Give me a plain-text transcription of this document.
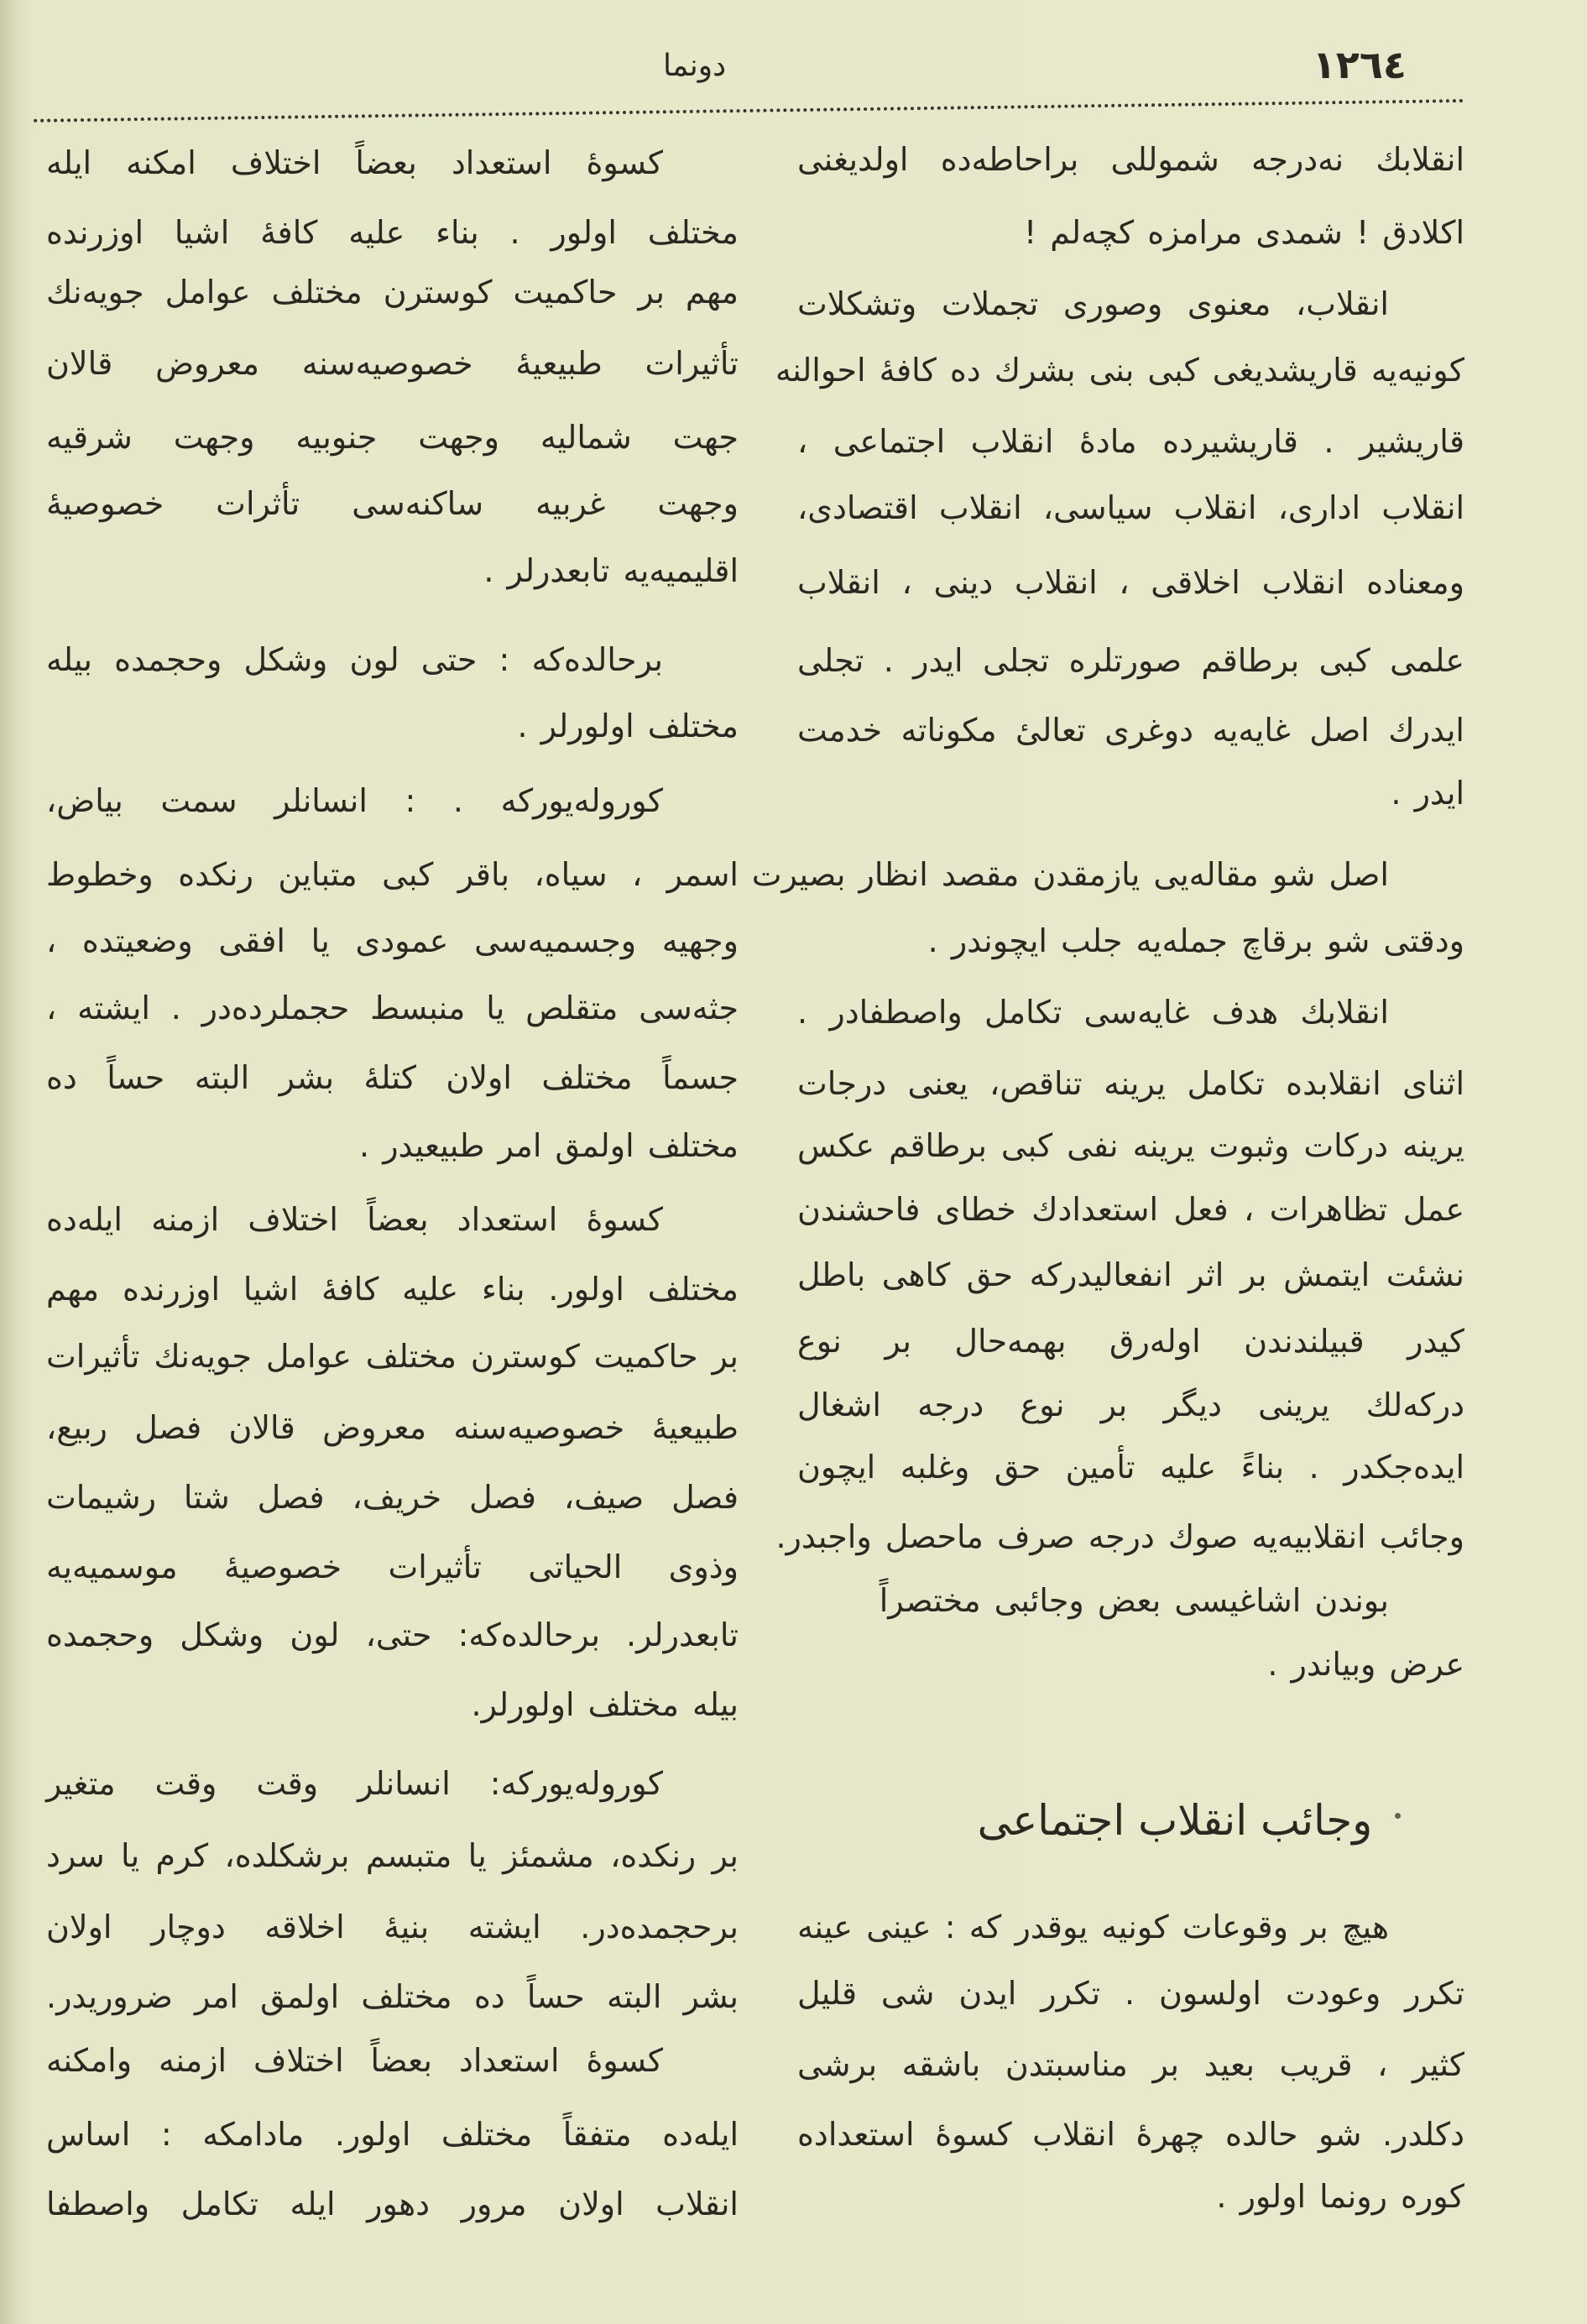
١٢٦٤
دونما
انقلابك نه‌درجه شموللی براحاطه‌ده اولدیغنی
اكلادق ! شمدی مرامزه كچه‌لم !
انقلاب، معنوی وصوری تجملات وتشكلات
كونیه‌یه قاریشدیغی كبی بنی بشرك ده كافهٔ احوالنه
قاریشیر . قاریشیرده مادهٔ انقلاب اجتماعی ،
انقلاب اداری، انقلاب سیاسی، انقلاب اقتصادی،
ومعناده انقلاب اخلاقی ، انقلاب دینی ، انقلاب
علمی كبی برطاقم صورتلره تجلی ایدر . تجلی
ایدرك اصل غایه‌یه دوغری تعالیٔ مكوناته خدمت
ایدر .
اصل شو مقاله‌یی یازمقدن مقصد انظار بصیرت
ودقتی شو برقاچ جمله‌یه جلب ایچوندر .
انقلابك هدف غایه‌سی تكامل واصطفادر .
اثنای انقلابده تكامل یرینه تناقص، یعنی درجات
یرینه دركات وثبوت یرینه نفی كبی برطاقم عكس
عمل تظاهرات ، فعل استعدادك خطای فاحشندن
نشئت ایتمش بر اثر انفعالیدركه حق كاهی باطل
كیدر قبیلندندن اوله‌رق بهمه‌حال بر نوع
دركه‌لك یرینی دیگر بر نوع درجه اشغال
ایده‌جكدر . بناءً علیه تأمین حق وغلبه ایچون
وجائب انقلابیه‌یه صوك درجه صرف ماحصل واجبدر.
بوندن اشاغیسی بعض وجائبی مختصراً
عرض وبیاندر .
هیچ بر وقوعات كونیه یوقدر كه : عینی عینه
تكرر وعودت اولسون . تكرر ایدن شی قلیل
كثیر ، قریب بعید بر مناسبتدن باشقه برشی
دكلدر. شو حالده چهرهٔ انقلاب كسوهٔ استعداده
كوره رونما اولور .
وجائب انقلاب اجتماعی
كسوهٔ استعداد بعضاً اختلاف امكنه ایله
مختلف اولور . بناء علیه كافهٔ اشیا اوزرنده
مهم بر حاكمیت كوسترن مختلف عوامل جویه‌نك
تأثیرات طبیعیهٔ خصوصیه‌سنه معروض قالان
جهت شمالیه وجهت جنوبیه وجهت شرقیه
وجهت غربیه ساكنه‌سی تأثرات خصوصیهٔ
اقلیمیه‌یه تابعدرلر .
برحالده‌كه : حتی لون وشكل وحجمده بیله
مختلف اولورلر .
كوروله‌یوركه . : انسانلر سمت بیاض،
اسمر ، سیاه، باقر كبی متباین رنكده وخطوط
وجهیه وجسمیه‌سی عمودی یا افقی وضعیتده ،
جثه‌سی متقلص یا منبسط حجملرده‌در . ایشته ،
جسماً مختلف اولان كتلهٔ بشر البته حساً ده
مختلف اولمق امر طبیعیدر .
كسوهٔ استعداد بعضاً اختلاف ازمنه ایله‌ده
مختلف اولور. بناء علیه كافهٔ اشیا اوزرنده مهم
بر حاكمیت كوسترن مختلف عوامل جویه‌نك تأثیرات
طبیعیهٔ خصوصیه‌سنه معروض قالان فصل ربیع،
فصل صیف، فصل خریف، فصل شتا رشیمات
وذوی الحیاتی تأثیرات خصوصیهٔ موسمیه‌یه
تابعدرلر. برحالده‌كه: حتی، لون وشكل وحجمده
بیله مختلف اولورلر.
كوروله‌یوركه: انسانلر وقت وقت متغیر
بر رنكده، مشمئز یا متبسم برشكلده، كرم یا سرد
برحجمده‌در. ایشته بنیهٔ اخلاقه دوچار اولان
بشر البته حساً ده مختلف اولمق امر ضروریدر.
كسوهٔ استعداد بعضاً اختلاف ازمنه وامكنه
ایله‌ده متفقاً مختلف اولور. مادامكه : اساس
انقلاب اولان مرور دهور ایله تكامل واصطفا
